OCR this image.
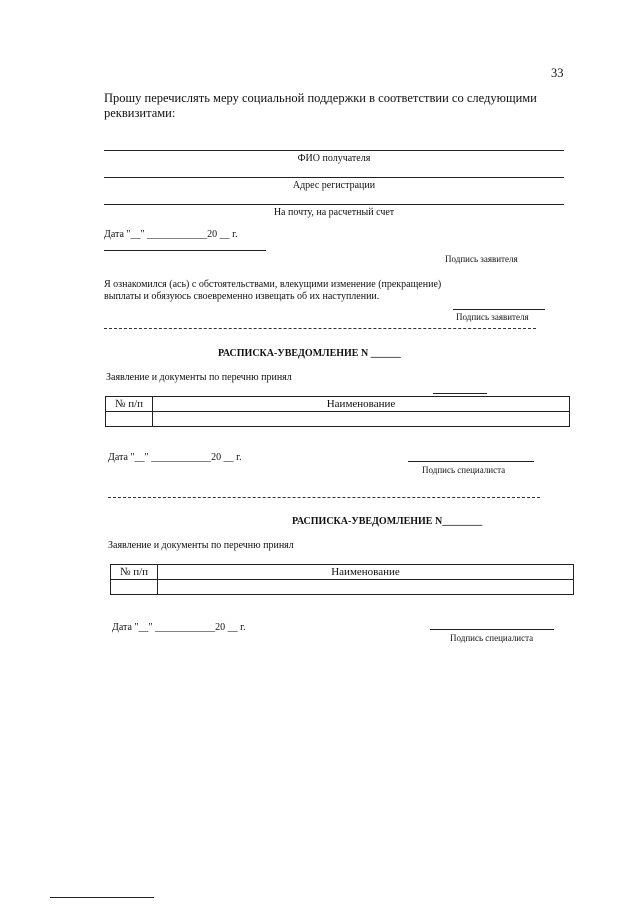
33
Прошу перечислять меру социальной поддержки в соответствии со следующими
реквизитами:
ФИО получателя
Адрес регистрации
На почту, на расчетный счет
Дата "__" ____________20 __ г.
Подпись заявителя
Я ознакомился (ась) с обстоятельствами, влекущими изменение (прекращение)
выплаты и обязуюсь своевременно извещать об их наступлении.
Подпись заявителя
РАСПИСКА-УВЕДОМЛЕНИЕ N ______
Заявление и документы по перечню принял
№ п/п	Наименование

Дата "__" ____________20 __ г.
Подпись специалиста
РАСПИСКА-УВЕДОМЛЕНИЕ N________
Заявление и документы по перечню принял
№ п/п	Наименование

Дата "__" ____________20 __ г.
Подпись специалиста
